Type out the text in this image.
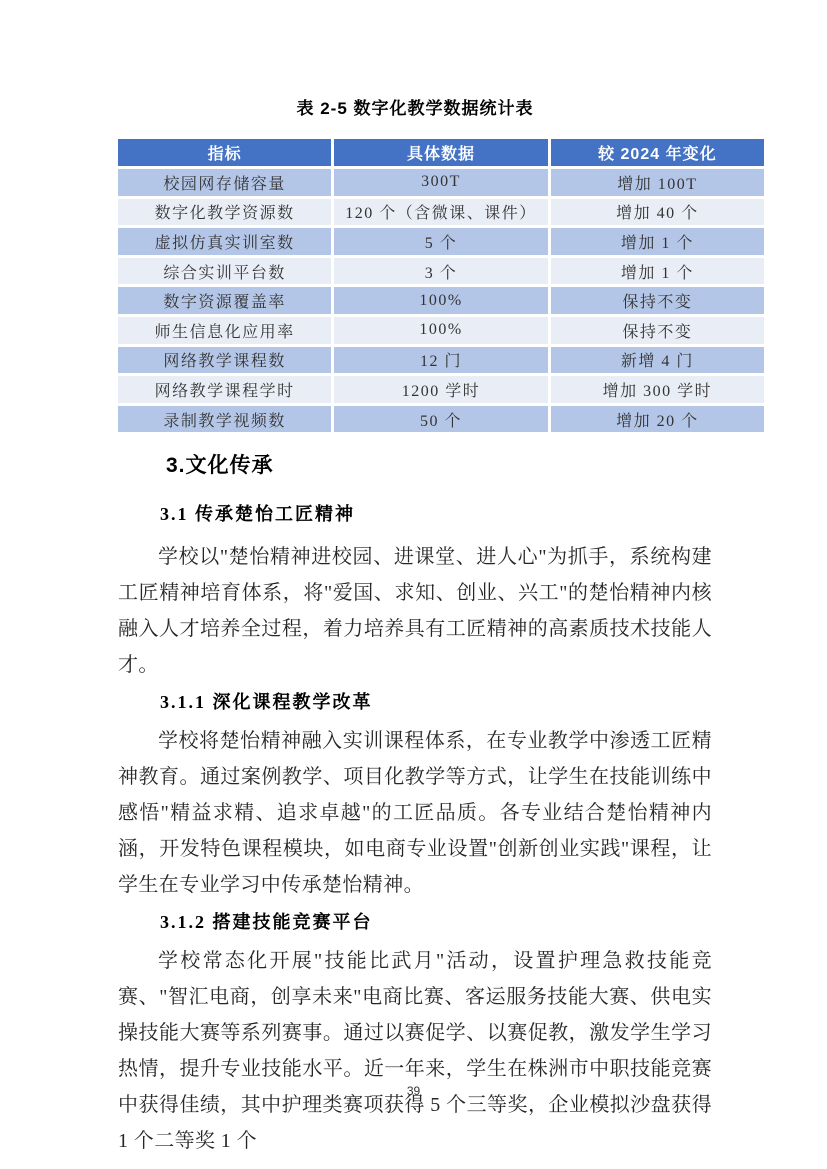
表 2-5 数字化教学数据统计表
指标	具体数据	较 2024 年变化
校园网存储容量	300T	增加 100T
数字化教学资源数	120 个（含微课、课件）	增加 40 个
虚拟仿真实训室数	5 个	增加 1 个
综合实训平台数	3 个	增加 1 个
数字资源覆盖率	100%	保持不变
师生信息化应用率	100%	保持不变
网络教学课程数	12 门	新增 4 门
网络教学课程学时	1200 学时	增加 300 学时
录制教学视频数	50 个	增加 20 个
3.文化传承
3.1 传承楚怡工匠精神

学校以"楚怡精神进校园、进课堂、进人心"为抓手，系统构建工匠精神培育体系，将"爱国、求知、创业、兴工"的楚怡精神内核融入人才培养全过程，着力培养具有工匠精神的高素质技术技能人才。

3.1.1 深化课程教学改革

学校将楚怡精神融入实训课程体系，在专业教学中渗透工匠精神教育。通过案例教学、项目化教学等方式，让学生在技能训练中感悟"精益求精、追求卓越"的工匠品质。各专业结合楚怡精神内涵，开发特色课程模块，如电商专业设置"创新创业实践"课程，让学生在专业学习中传承楚怡精神。

3.1.2 搭建技能竞赛平台

学校常态化开展"技能比武月"活动，设置护理急救技能竞赛、"智汇电商，创享未来"电商比赛、客运服务技能大赛、供电实操技能大赛等系列赛事。通过以赛促学、以赛促教，激发学生学习热情，提升专业技能水平。近一年来，学生在株洲市中职技能竞赛中获得佳绩，其中护理类赛项获得 5 个三等奖，企业模拟沙盘获得 1 个二等奖 1 个

39
